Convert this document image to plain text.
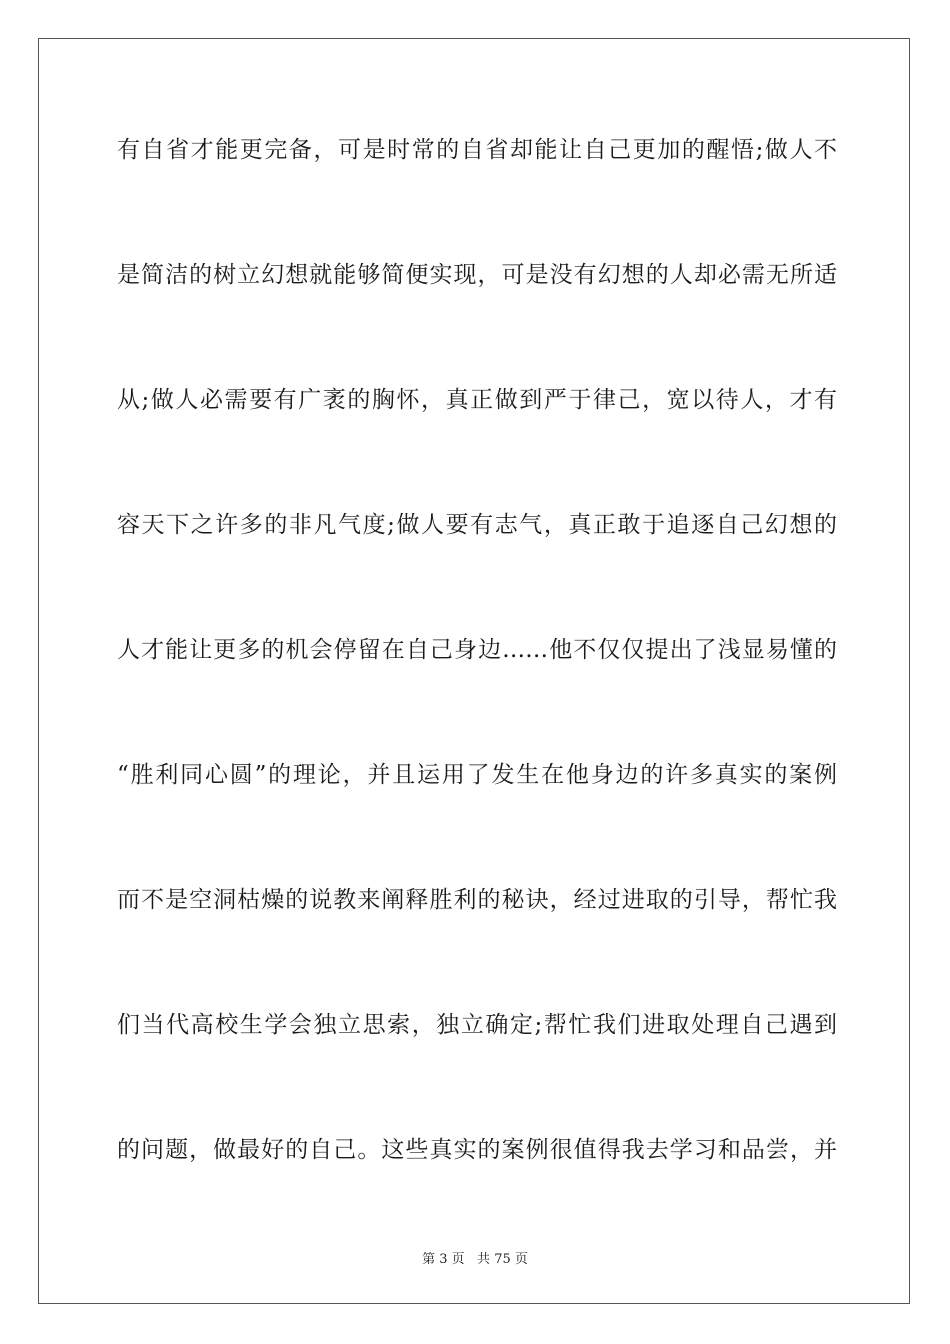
有自省才能更完备，可是时常的自省却能让自己更加的醒悟;做人不
是简洁的树立幻想就能够简便实现，可是没有幻想的人却必需无所适
从;做人必需要有广袤的胸怀，真正做到严于律己，宽以待人，才有
容天下之许多的非凡气度;做人要有志气，真正敢于追逐自己幻想的
人才能让更多的机会停留在自己身边……他不仅仅提出了浅显易懂的
“胜利同心圆”的理论，并且运用了发生在他身边的许多真实的案例
而不是空洞枯燥的说教来阐释胜利的秘诀，经过进取的引导，帮忙我
们当代高校生学会独立思索，独立确定;帮忙我们进取处理自己遇到
的问题，做最好的自己。这些真实的案例很值得我去学习和品尝，并
第 3 页   共 75 页
